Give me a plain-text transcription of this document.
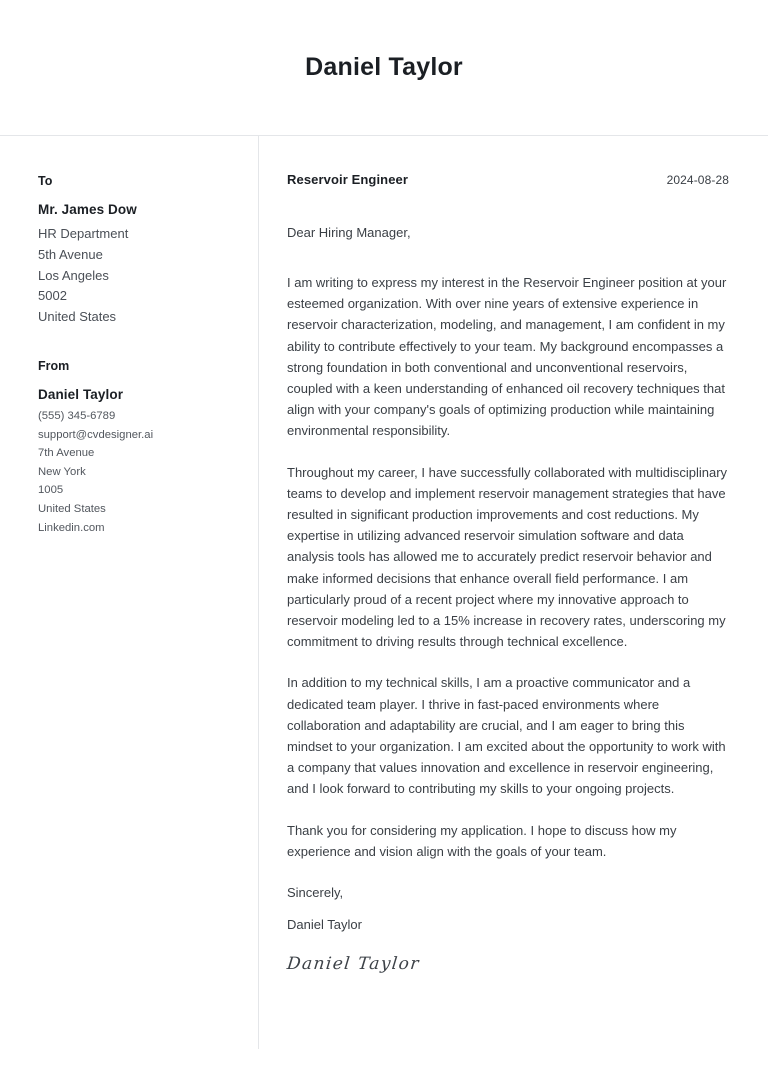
Daniel Taylor
To
Mr. James Dow
HR Department
5th Avenue
Los Angeles
5002
United States
From
Daniel Taylor
(555) 345-6789
support@cvdesigner.ai
7th Avenue
New York
1005
United States
Linkedin.com
Reservoir Engineer	2024-08-28

Dear Hiring Manager,

I am writing to express my interest in the Reservoir Engineer position at your esteemed organization. With over nine years of extensive experience in reservoir characterization, modeling, and management, I am confident in my ability to contribute effectively to your team. My background encompasses a strong foundation in both conventional and unconventional reservoirs, coupled with a keen understanding of enhanced oil recovery techniques that align with your company's goals of optimizing production while maintaining environmental responsibility.

Throughout my career, I have successfully collaborated with multidisciplinary teams to develop and implement reservoir management strategies that have resulted in significant production improvements and cost reductions. My expertise in utilizing advanced reservoir simulation software and data analysis tools has allowed me to accurately predict reservoir behavior and make informed decisions that enhance overall field performance. I am particularly proud of a recent project where my innovative approach to reservoir modeling led to a 15% increase in recovery rates, underscoring my commitment to driving results through technical excellence.

In addition to my technical skills, I am a proactive communicator and a dedicated team player. I thrive in fast-paced environments where collaboration and adaptability are crucial, and I am eager to bring this mindset to your organization. I am excited about the opportunity to work with a company that values innovation and excellence in reservoir engineering, and I look forward to contributing my skills to your ongoing projects.

Thank you for considering my application. I hope to discuss how my experience and vision align with the goals of your team.

Sincerely,

Daniel Taylor

Daniel Taylor
